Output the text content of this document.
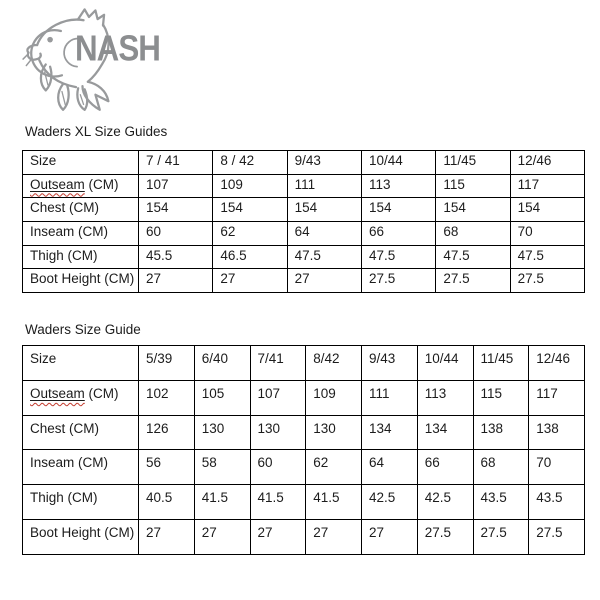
NASH
Waders XL Size Guides
Size	7 / 41	8 / 42	9/43	10/44	11/45	12/46
Outseam (CM)	107	109	111	113	115	117
Chest (CM)	154	154	154	154	154	154
Inseam (CM)	60	62	64	66	68	70
Thigh (CM)	45.5	46.5	47.5	47.5	47.5	47.5
Boot Height (CM)	27	27	27	27.5	27.5	27.5
Waders Size Guide
Size	5/39	6/40	7/41	8/42	9/43	10/44	11/45	12/46
Outseam (CM)	102	105	107	109	111	113	115	117
Chest (CM)	126	130	130	130	134	134	138	138
Inseam (CM)	56	58	60	62	64	66	68	70
Thigh (CM)	40.5	41.5	41.5	41.5	42.5	42.5	43.5	43.5
Boot Height (CM)	27	27	27	27	27	27.5	27.5	27.5
